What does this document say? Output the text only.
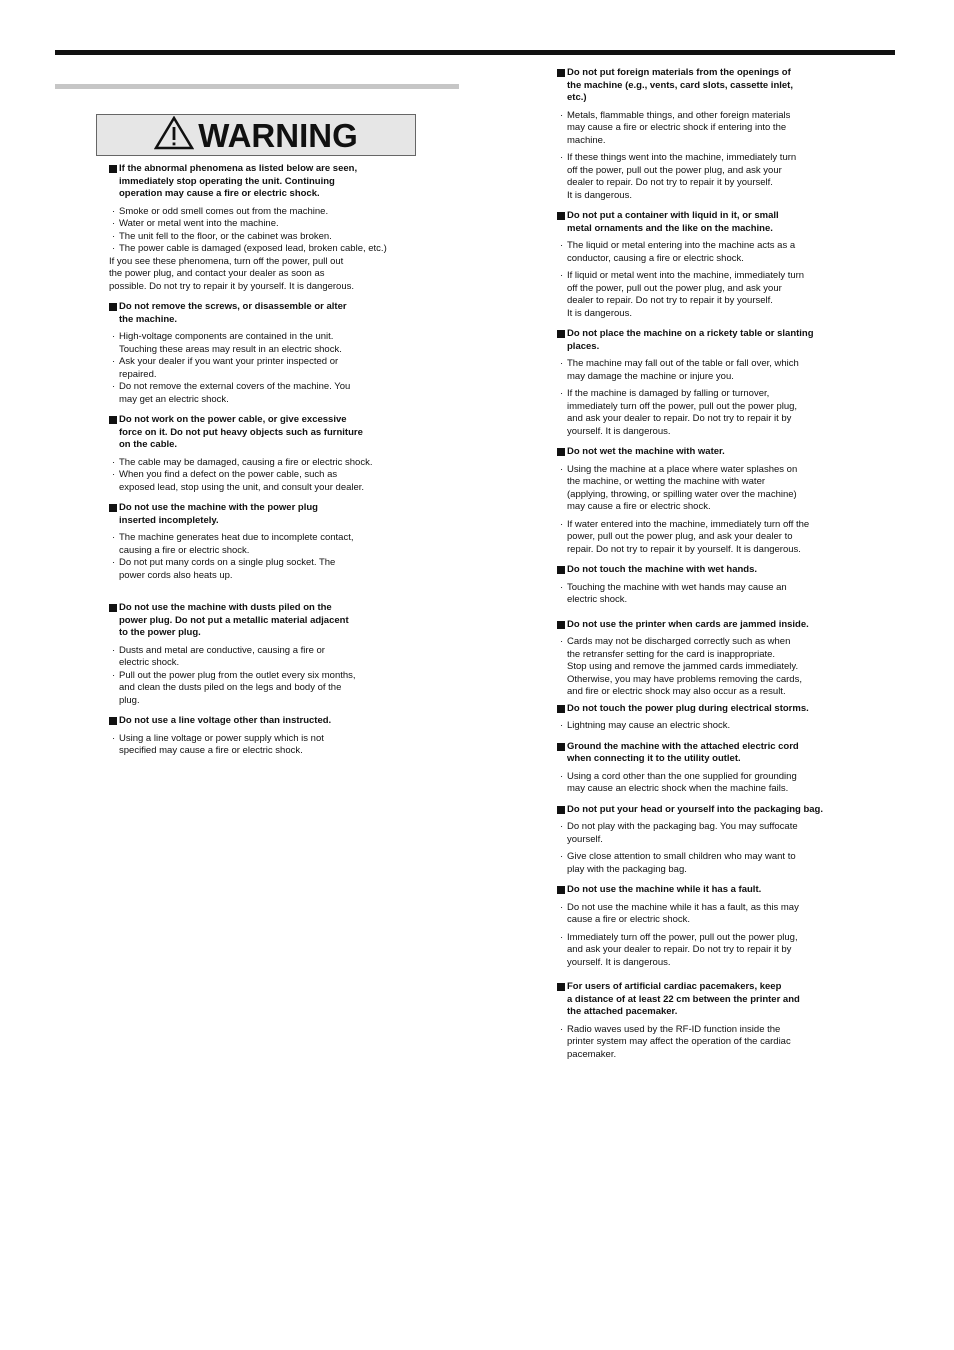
WARNING
If the abnormal phenomena as listed below are seen,
immediately stop operating the unit. Continuing
operation may cause a fire or electric shock.
· Smoke or odd smell comes out from the machine.
· Water or metal went into the machine.
· The unit fell to the floor, or the cabinet was broken.
· The power cable is damaged (exposed lead, broken cable, etc.)
If you see these phenomena, turn off the power, pull out
the power plug, and contact your dealer as soon as
possible. Do not try to repair it by yourself. It is dangerous.
Do not remove the screws, or disassemble or alter
the machine.
· High-voltage components are contained in the unit.
Touching these areas may result in an electric shock.
· Ask your dealer if you want your printer inspected or
repaired.
· Do not remove the external covers of the machine. You
may get an electric shock.
Do not work on the power cable, or give excessive
force on it. Do not put heavy objects such as furniture
on the cable.
· The cable may be damaged, causing a fire or electric shock.
· When you find a defect on the power cable, such as
exposed lead, stop using the unit, and consult your dealer.
Do not use the machine with the power plug
inserted incompletely.
· The machine generates heat due to incomplete contact,
causing a fire or electric shock.
· Do not put many cords on a single plug socket. The
power cords also heats up.
Do not use the machine with dusts piled on the
power plug. Do not put a metallic material adjacent
to the power plug.
· Dusts and metal are conductive, causing a fire or
electric shock.
· Pull out the power plug from the outlet every six months,
and clean the dusts piled on the legs and body of the
plug.
Do not use a line voltage other than instructed.
· Using a line voltage or power supply which is not
specified may cause a fire or electric shock.
Do not put foreign materials from the openings of
the machine (e.g., vents, card slots, cassette inlet,
etc.)
· Metals, flammable things, and other foreign materials
may cause a fire or electric shock if entering into the
machine.
· If these things went into the machine, immediately turn
off the power, pull out the power plug, and ask your
dealer to repair. Do not try to repair it by yourself.
It is dangerous.
Do not put a container with liquid in it, or small
metal ornaments and the like on the machine.
· The liquid or metal entering into the machine acts as a
conductor, causing a fire or electric shock.
· If liquid or metal went into the machine, immediately turn
off the power, pull out the power plug, and ask your
dealer to repair. Do not try to repair it by yourself.
It is dangerous.
Do not place the machine on a rickety table or slanting
places.
· The machine may fall out of the table or fall over, which
may damage the machine or injure you.
· If the machine is damaged by falling or turnover,
immediately turn off the power, pull out the power plug,
and ask your dealer to repair. Do not try to repair it by
yourself. It is dangerous.
Do not wet the machine with water.
· Using the machine at a place where water splashes on
the machine, or wetting the machine with water
(applying, throwing, or spilling water over the machine)
may cause a fire or electric shock.
· If water entered into the machine, immediately turn off the
power, pull out the power plug, and ask your dealer to
repair. Do not try to repair it by yourself. It is dangerous.
Do not touch the machine with wet hands.
· Touching the machine with wet hands may cause an
electric shock.
Do not use the printer when cards are jammed inside.
· Cards may not be discharged correctly such as when
the retransfer setting for the card is inappropriate.
Stop using and remove the jammed cards immediately.
Otherwise, you may have problems removing the cards,
and fire or electric shock may also occur as a result.
Do not touch the power plug during electrical storms.
· Lightning may cause an electric shock.
Ground the machine with the attached electric cord
when connecting it to the utility outlet.
· Using a cord other than the one supplied for grounding
may cause an electric shock when the machine fails.
Do not put your head or yourself into the packaging bag.
· Do not play with the packaging bag. You may suffocate
yourself.
· Give close attention to small children who may want to
play with the packaging bag.
Do not use the machine while it has a fault.
· Do not use the machine while it has a fault, as this may
cause a fire or electric shock.
· Immediately turn off the power, pull out the power plug,
and ask your dealer to repair. Do not try to repair it by
yourself. It is dangerous.
For users of artificial cardiac pacemakers, keep
a distance of at least 22 cm between the printer and
the attached pacemaker.
· Radio waves used by the RF-ID function inside the
printer system may affect the operation of the cardiac
pacemaker.
